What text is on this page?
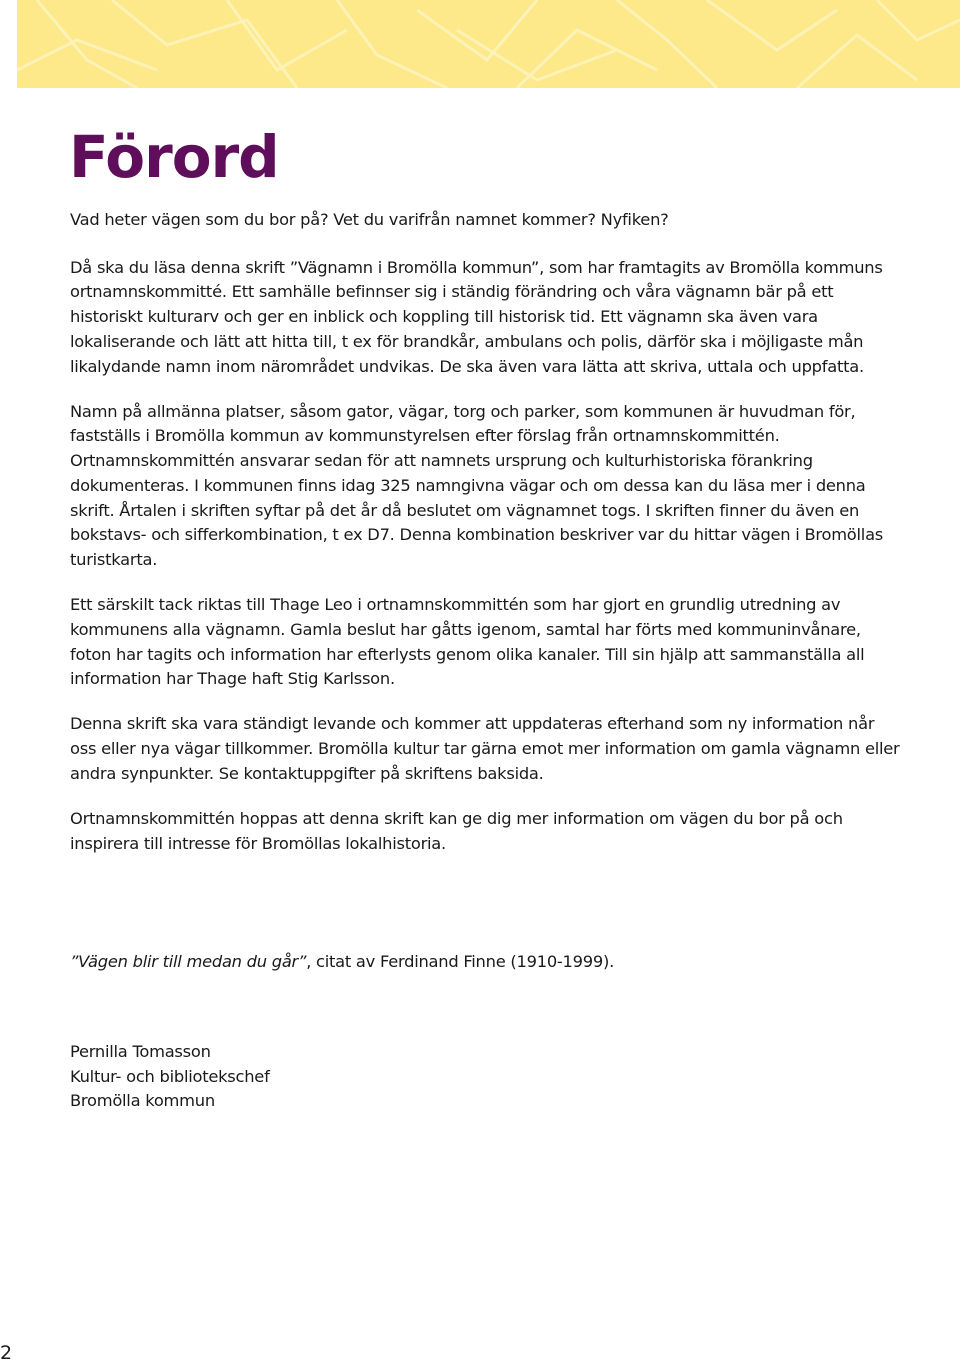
Förord

Vad heter vägen som du bor på? Vet du varifrån namnet kommer? Nyfiken?

Då ska du läsa denna skrift ”Vägnamn i Bromölla kommun”, som har framtagits av Bromölla kommuns ortnamnskommitté. Ett samhälle befinnser sig i ständig förändring och våra vägnamn bär på ett historiskt kulturarv och ger en inblick och koppling till historisk tid. Ett vägnamn ska även vara lokaliserande och lätt att hitta till, t ex för brandkår, ambulans och polis, därför ska i möjligaste mån likalydande namn inom närområdet undvikas. De ska även vara lätta att skriva, uttala och uppfatta.

Namn på allmänna platser, såsom gator, vägar, torg och parker, som kommunen är huvudman för, fastställs i Bromölla kommun av kommunstyrelsen efter förslag från ortnamnskommittén. Ortnamnskommittén ansvarar sedan för att namnets ursprung och kulturhistoriska förankring dokumenteras. I kommunen finns idag 325 namngivna vägar och om dessa kan du läsa mer i denna skrift. Årtalen i skriften syftar på det år då beslutet om vägnamnet togs. I skriften finner du även en bokstavs- och sifferkombination, t ex D7. Denna kombination beskriver var du hittar vägen i Bromöllas turistkarta.

Ett särskilt tack riktas till Thage Leo i ortnamnskommittén som har gjort en grundlig utredning av kommunens alla vägnamn. Gamla beslut har gåtts igenom, samtal har förts med kommuninvånare, foton har tagits och information har efterlysts genom olika kanaler. Till sin hjälp att sammanställa all information har Thage haft Stig Karlsson.

Denna skrift ska vara ständigt levande och kommer att uppdateras efterhand som ny information når oss eller nya vägar tillkommer. Bromölla kultur tar gärna emot mer information om gamla vägnamn eller andra synpunkter. Se kontaktuppgifter på skriftens baksida.

Ortnamnskommittén hoppas att denna skrift kan ge dig mer information om vägen du bor på och inspirera till intresse för Bromöllas lokalhistoria.

”Vägen blir till medan du går”, citat av Ferdinand Finne (1910-1999).

Pernilla Tomasson
Kultur- och bibliotekschef
Bromölla kommun
2
